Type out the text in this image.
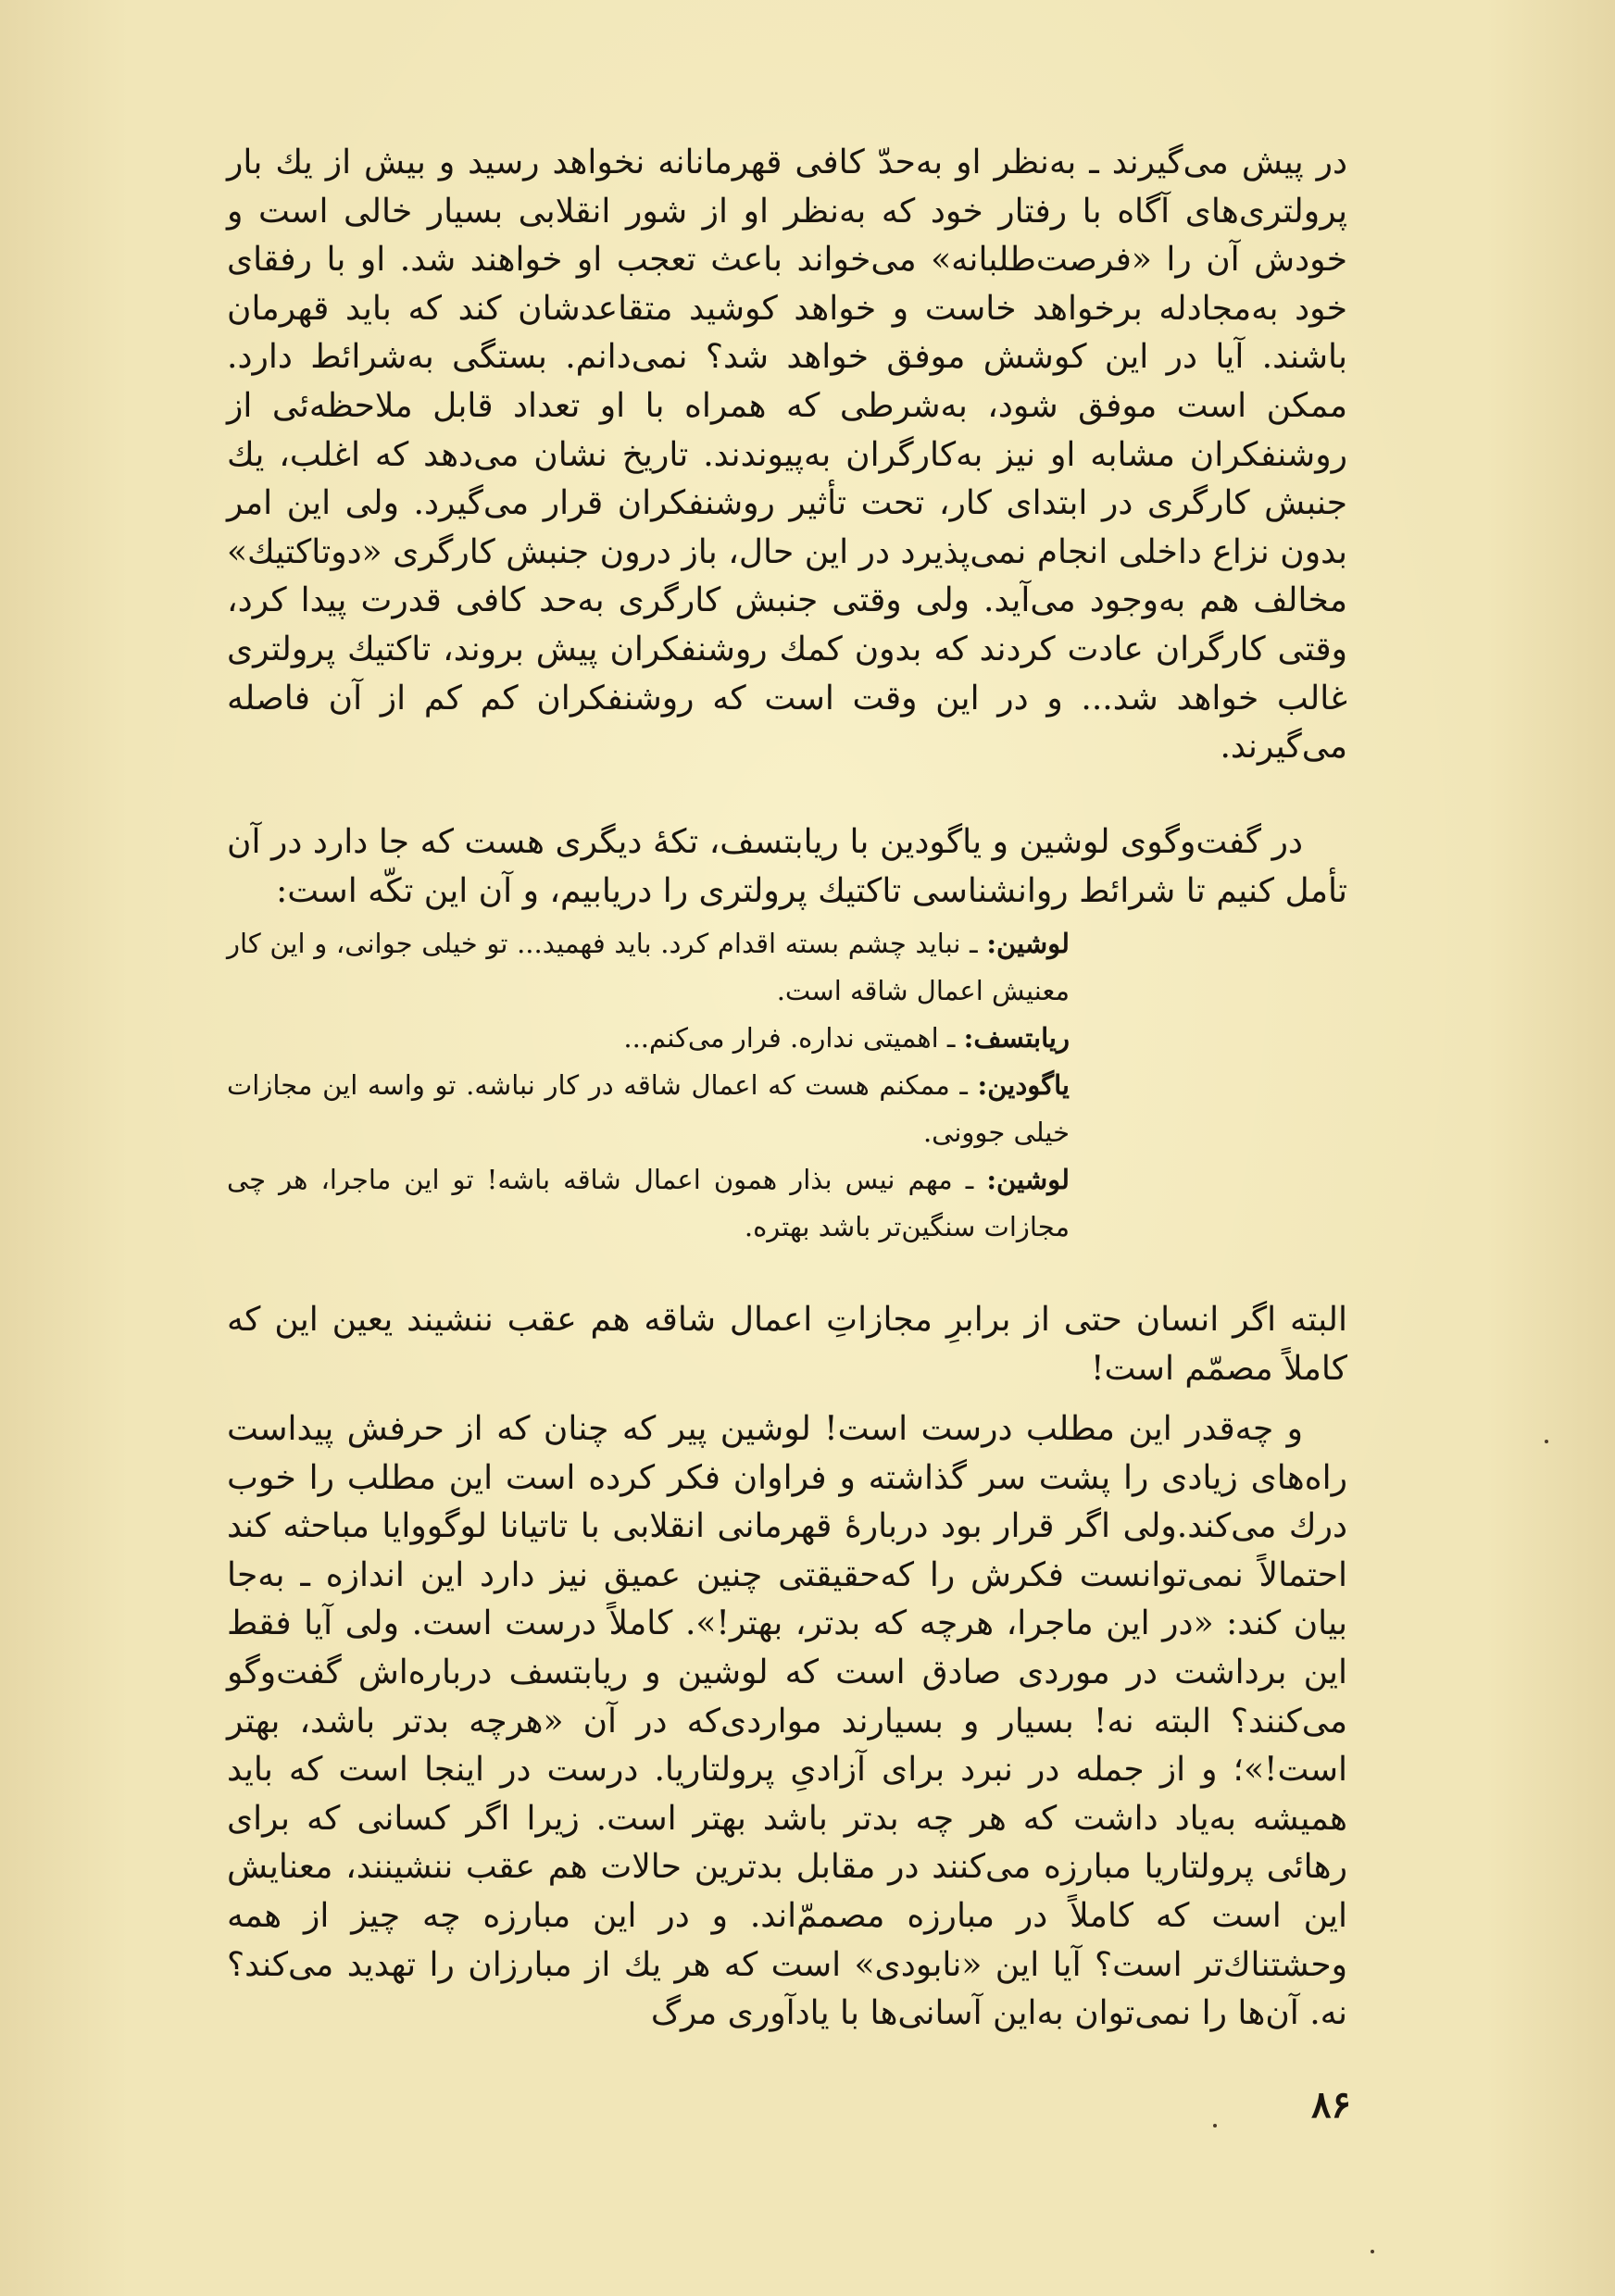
در پیش می‌گیرند ـ به‌نظر او به‌حدّ کافی قهرمانانه نخواهد رسید و بیش از یك بار پرولتری‌های آگاه با رفتار خود که به‌نظر او از شور انقلابی بسیار خالی است و خودش آن را «فرصت‌طلبانه» می‌خواند باعث تعجب او خواهند شد. او با رفقای خود به‌مجادله برخواهد خاست و خواهد کوشید متقاعدشان کند که باید قهرمان باشند. آیا در این کوشش موفق خواهد شد؟ نمی‌دانم. بستگی به‌شرائط دارد. ممکن است موفق شود، به‌شرطی که همراه با او تعداد قابل ملاحظه‌ئی از روشنفکران مشابه او نیز به‌کارگران به‌پیوندند. تاریخ نشان می‌دهد که اغلب، یك جنبش کارگری در ابتدای کار، تحت تأثیر روشنفکران قرار می‌گیرد. ولی این امر بدون نزاع داخلی انجام نمی‌پذیرد در این حال، باز درون جنبش کارگری «دوتاکتیك» مخالف هم به‌وجود می‌آید. ولی وقتی جنبش کارگری به‌حد کافی قدرت پیدا کرد، وقتی کارگران عادت کردند که بدون کمك روشنفکران پیش بروند، تاکتیك پرولتری غالب خواهد شد... و در این وقت است که روشنفکران کم کم از آن فاصله می‌گیرند.

در گفت‌وگوی لوشین و یاگودین با ریابتسف، تکهٔ دیگری هست که جا دارد در آن تأمل کنیم تا شرائط روانشناسی تاکتیك پرولتری را دریابیم، و آن این تکّه است:

لوشین: ـ نباید چشم بسته اقدام کرد. باید فهمید... تو خیلی جوانی، و این کار معنیش اعمال شاقه است.

ریابتسف: ـ اهمیتی نداره. فرار می‌کنم...

یاگودین: ـ ممکنم هست که اعمال شاقه در کار نباشه. تو واسه این مجازات خیلی جوونی.

لوشین: ـ مهم نیس بذار همون اعمال شاقه باشه! تو این ماجرا، هر چی مجازات سنگین‌تر باشد بهتره.

البته اگر انسان حتی از برابرِ مجازاتِ اعمال شاقه هم عقب ننشیند یعین این که کاملاً مصمّم است!

و چه‌قدر این مطلب درست است! لوشین پیر که چنان که از حرفش پیداست راه‌های زیادی را پشت سر گذاشته و فراوان فکر کرده است این مطلب را خوب درك می‌کند.ولی اگر قرار بود دربارهٔ قهرمانی انقلابی با تاتیانا لوگووایا مباحثه کند احتمالاً نمی‌توانست فکرش را که‌حقیقتی چنین عمیق نیز دارد این اندازه ـ به‌جا بیان کند: «در این ماجرا، هرچه که بدتر، بهتر!». کاملاً درست است. ولی آیا فقط این برداشت در موردی صادق است که لوشین و ریابتسف درباره‌اش گفت‌وگو می‌کنند؟ البته نه! بسیار و بسیارند مواردی‌که در آن «هرچه بدتر باشد، بهتر است!»؛ و از جمله در نبرد برای آزادیِ پرولتاریا. درست در اینجا است که باید همیشه به‌یاد داشت که هر چه بدتر باشد بهتر است. زیرا اگر کسانی که برای رهائی پرولتاریا مبارزه می‌کنند در مقابل بدترین حالات هم عقب ننشینند، معنایش این است که کاملاً در مبارزه مصممّ‌اند. و در این مبارزه چه چیز از همه وحشتناك‌تر است؟ آیا این «نابودی» است که هر یك از مبارزان را تهدید می‌کند؟ نه. آن‌ها را نمی‌توان به‌این آسانی‌ها با یادآوری مرگ

۸۶
